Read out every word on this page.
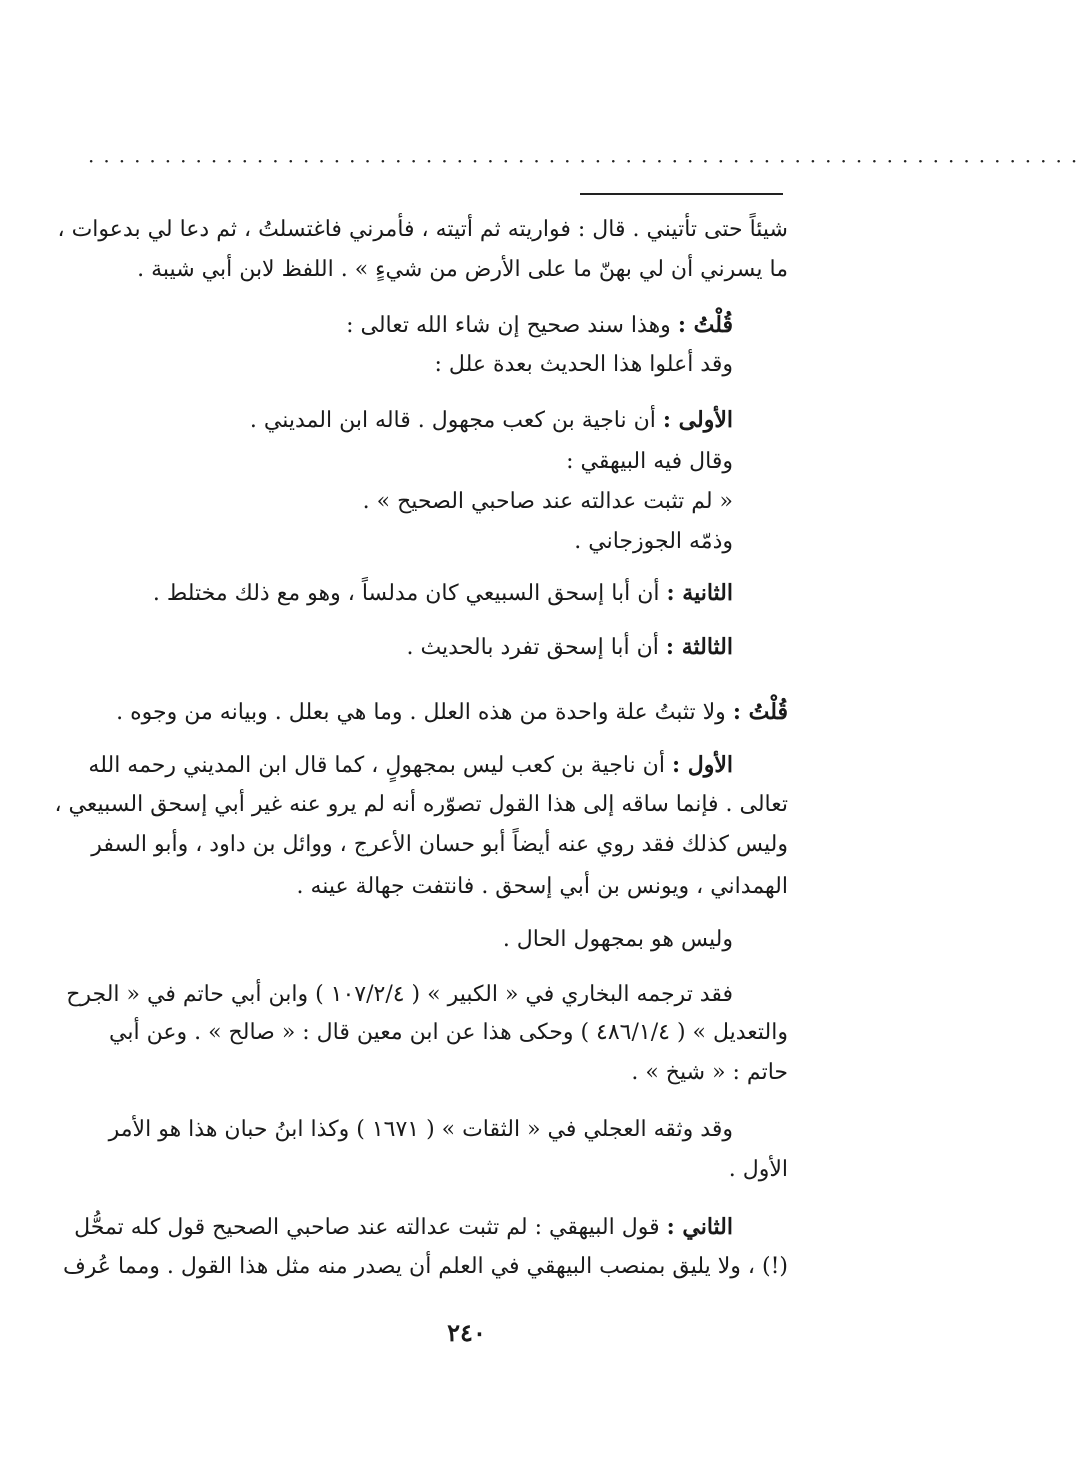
·································································
شيئاً حتى تأتيني . قال : فواريته ثم أتيته ، فأمرني فاغتسلتُ ، ثم دعا لي بدعوات ،
ما يسرني أن لي بهنّ ما على الأرض من شيءٍ » . اللفظ لابن أبي شيبة .
قُلْتُ : وهذا سند صحيح إن شاء الله تعالى :
وقد أعلوا هذا الحديث بعدة علل :
الأولى : أن ناجية بن كعب مجهول . قاله ابن المديني .
وقال فيه البيهقي :
« لم تثبت عدالته عند صاحبي الصحيح » .
وذمّه الجوزجاني .
الثانية : أن أبا إسحق السبيعي كان مدلساً ، وهو مع ذلك مختلط .
الثالثة : أن أبا إسحق تفرد بالحديث .
قُلْتُ : ولا تثبتُ علة واحدة من هذه العلل . وما هي بعلل . وبيانه من وجوه .
الأول : أن ناجية بن كعب ليس بمجهولٍ ، كما قال ابن المديني رحمه الله
تعالى . فإنما ساقه إلى هذا القول تصوّره أنه لم يرو عنه غير أبي إسحق السبيعي ،
وليس كذلك فقد روي عنه أيضاً أبو حسان الأعرج ، ووائل بن داود ، وأبو السفر
الهمداني ، ويونس بن أبي إسحق . فانتفت جهالة عينه .
وليس هو بمجهول الحال .
فقد ترجمه البخاري في « الكبير » ( ١٠٧/٢/٤ ) وابن أبي حاتم في « الجرح
والتعديل » ( ٤٨٦/١/٤ ) وحكى هذا عن ابن معين قال : « صالح » . وعن أبي
حاتم : « شيخ » .
وقد وثقه العجلي في « الثقات » ( ١٦٧١ ) وكذا ابنُ حبان هذا هو الأمر
الأول .
الثاني : قول البيهقي : لم تثبت عدالته عند صاحبي الصحيح قول كله تمحُّل
(!) ، ولا يليق بمنصب البيهقي في العلم أن يصدر منه مثل هذا القول . ومما عُرف
٢٤٠
